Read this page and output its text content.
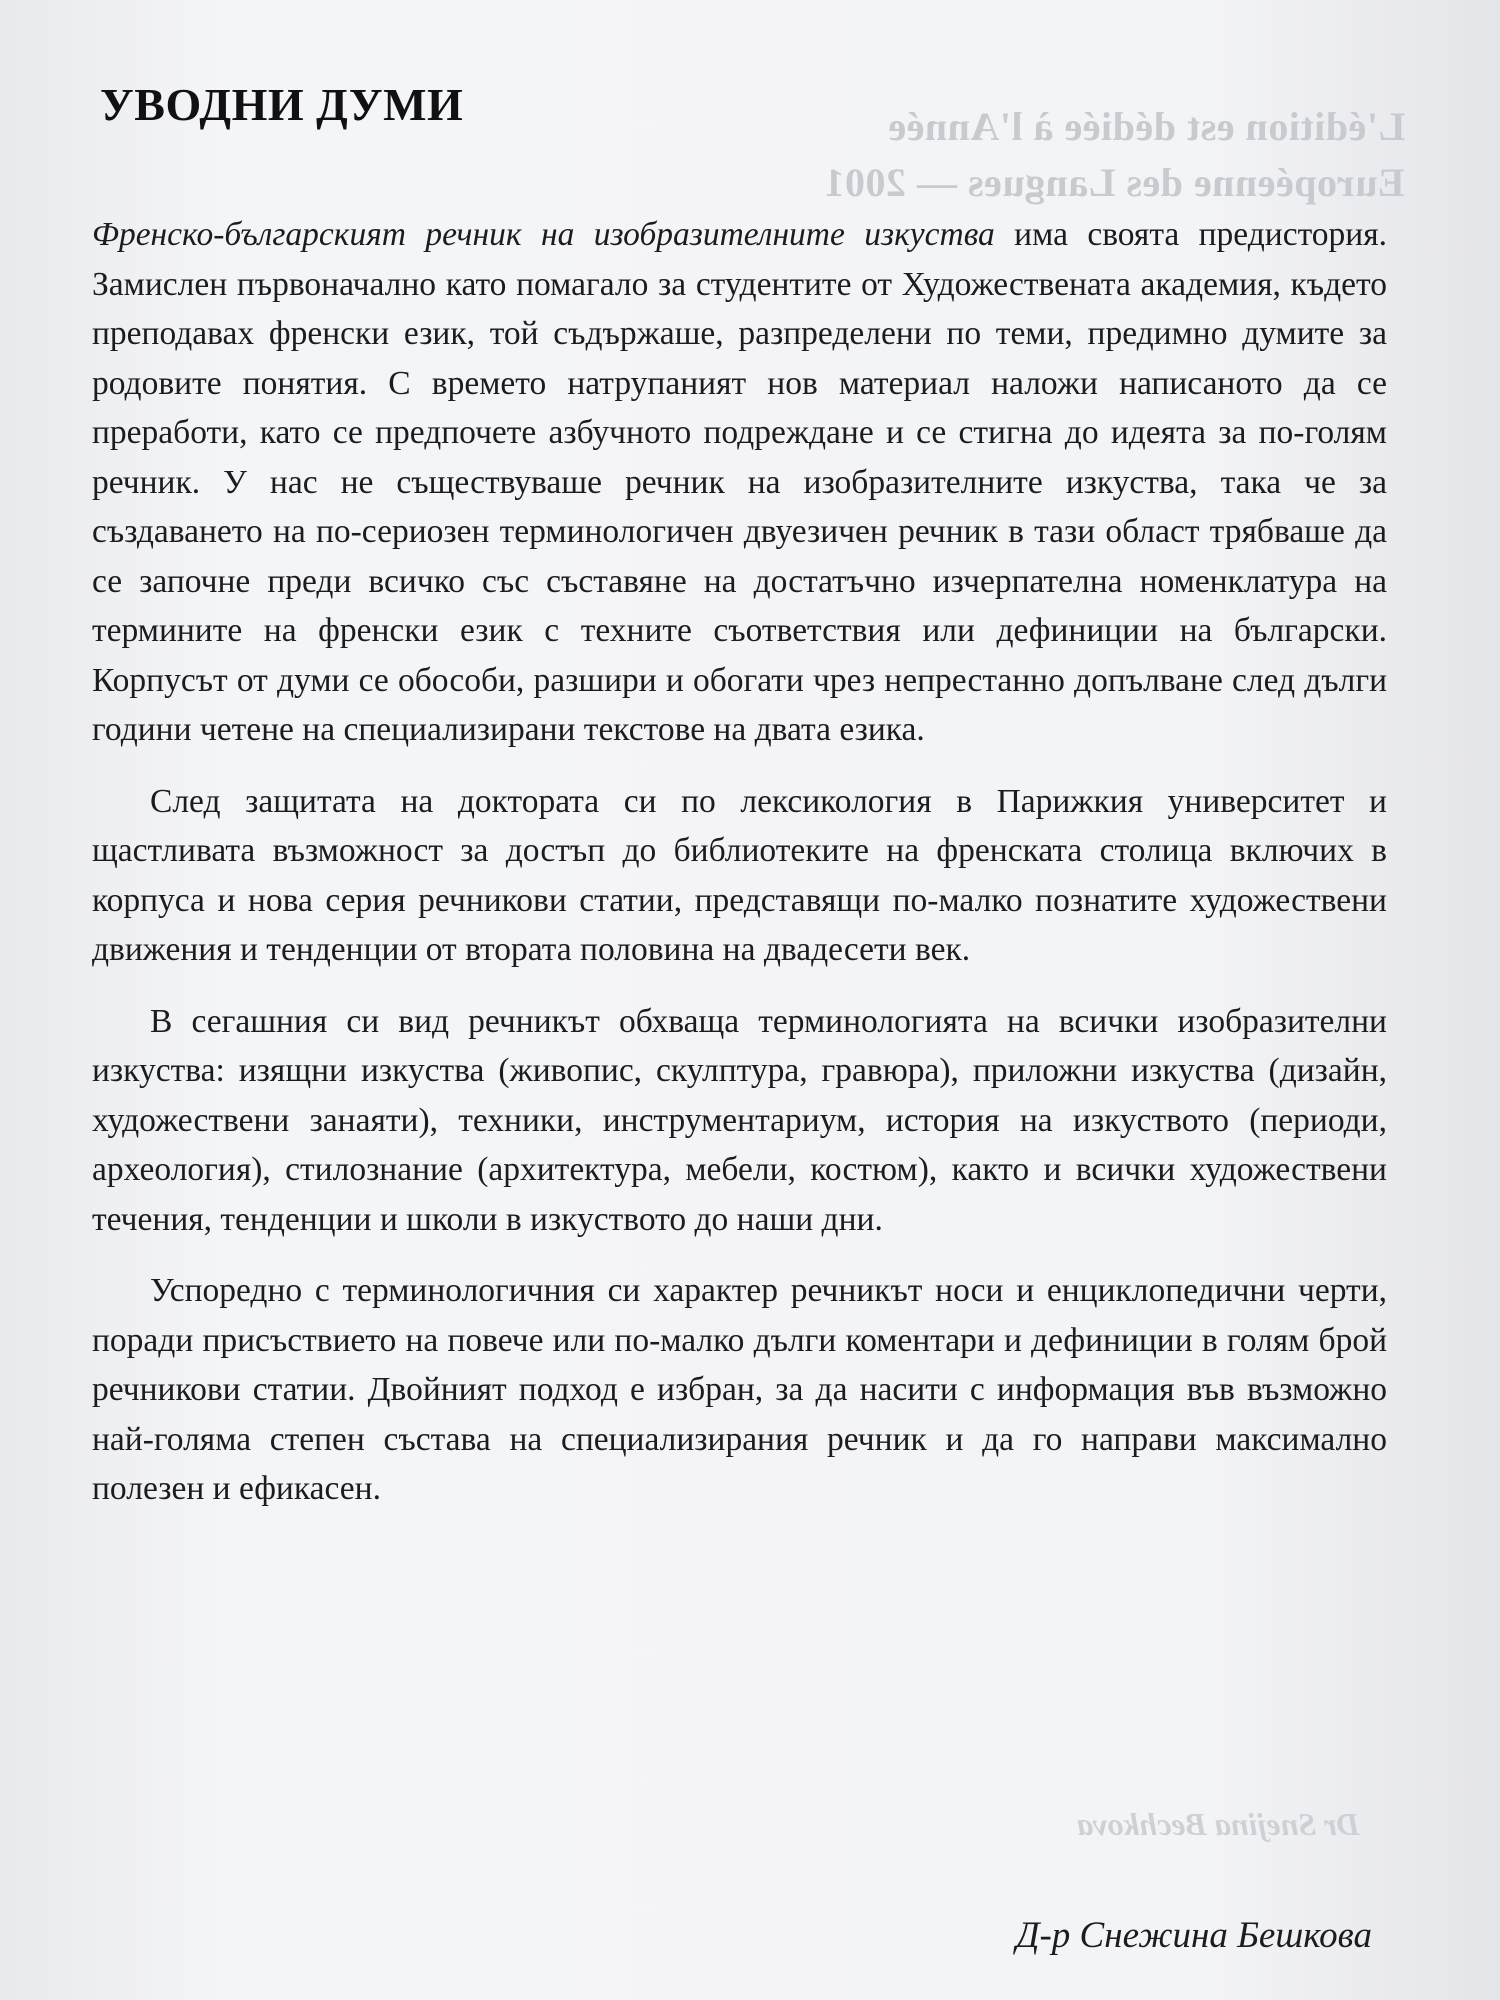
L'édition est dédiée à l'Année
Européenne des Langues — 2001
Dr Snejina Bechkova
УВОДНИ ДУМИ

Френско-българският речник на изобразителните изкуства има своята предистория. Замислен първоначално като помагало за студентите от Художествената академия, където преподавах френски език, той съдържаше, разпределени по теми, предимно думите за родовите понятия. С времето натрупаният нов материал наложи написаното да се преработи, като се предпочете азбучното подреждане и се стигна до идеята за по-голям речник. У нас не съществуваше речник на изобразителните изкуства, така че за създаването на по-сериозен терминологичен двуезичен речник в тази област трябваше да се започне преди всичко със съставяне на достатъчно изчерпателна номенклатура на термините на френски език с техните съответствия или дефиниции на български. Корпусът от думи се обособи, разшири и обогати чрез непрестанно допълване след дълги години четене на специализирани текстове на двата езика.

След защитата на доктората си по лексикология в Парижкия университет и щастливата възможност за достъп до библиотеките на френската столица включих в корпуса и нова серия речникови статии, представящи по-малко познатите художествени движения и тенденции от втората половина на двадесети век.

В сегашния си вид речникът обхваща терминологията на всички изобразителни изкуства: изящни изкуства (живопис, скулптура, гравюра), приложни изкуства (дизайн, художествени занаяти), техники, инструментариум, история на изкуството (периоди, археология), стилознание (архитектура, мебели, костюм), както и всички художествени течения, тенденции и школи в изкуството до наши дни.

Успоредно с терминологичния си характер речникът носи и енциклопедични черти, поради присъствието на повече или по-малко дълги коментари и дефиниции в голям брой речникови статии. Двойният подход е избран, за да насити с информация във възможно най-голяма степен състава на специализирания речник и да го направи максимално полезен и ефикасен.

Д-р Снежина Бешкова
